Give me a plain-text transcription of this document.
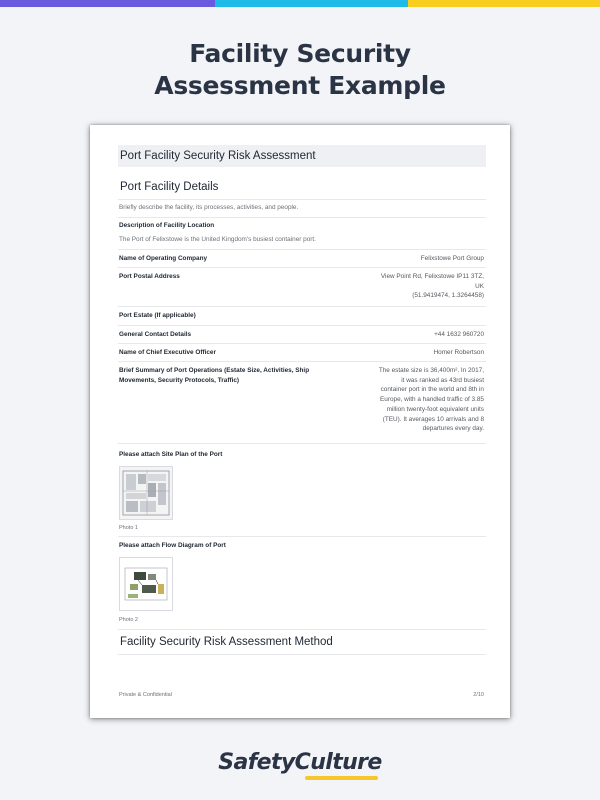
Facility Security
Assessment Example
Port Facility Security Risk Assessment
Port Facility Details
Briefly describe the facility, its processes, activities, and people.
Description of Facility Location
The Port of Felixstowe is the United Kingdom's busiest container port.
Name of Operating Company	Felixstowe Port Group
Port Postal Address	View Point Rd, Felixstowe IP11 3TZ,
UK
(51.9419474, 1.3264458)
Port Estate (If applicable)
General Contact Details	+44 1632 960720
Name of Chief Executive Officer	Homer Robertson
Brief Summary of Port Operations (Estate Size, Activities, Ship
Movements, Security Protocols, Traffic)
The estate size is 36,400m². In 2017,
it was ranked as 43rd busiest
container port in the world and 8th in
Europe, with a handled traffic of 3.85
million twenty-foot equivalent units
(TEU). It averages 10 arrivals and 8
departures every day.
Please attach Site Plan of the Port
Photo 1
Please attach Flow Diagram of Port
Photo 2
Facility Security Risk Assessment Method
Private & Confidential	2/10
SafetyCulture
